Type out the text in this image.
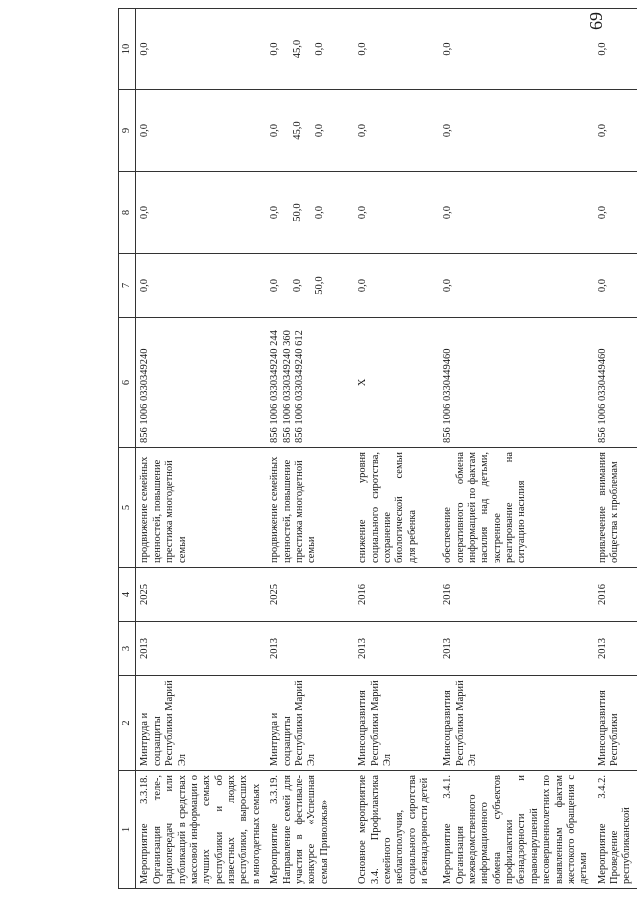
69
1	2	3	4	5	6	7	8	9	10
Мероприятие 3.3.18. Организация теле-, радиопередач или публикаций в средствах массовой информации о лучших семьях республики и об известных людях республики, выросших в многодетных семьях	Минтруда и соцзащиты Республики Марий Эл	2013	2025	продвижение семейных ценностей, повышение престижа многодетной семьи	856 1006 0330349240	0,0	0,0	0,0	0,0

Мероприятие 3.3.19. Направление семей для участия в фестивале-конкурсе «Успешная семья Приволжья»	Минтруда и соцзащиты Республики Марий Эл	2013	2025	продвижение семейных ценностей, повышение престижа многодетной семьи	856 1006 0330349240 244 856 1006 0330349240 360 856 1006 0330349240 612	0,0 0,0 50,0	0,0 50,0 0,0	0,0 45,0 0,0	0,0 45,0 0,0

Основное мероприятие 3.4. Профилактика семейного неблагополучия, социального сиротства и безнадзорности детей	Минсоцразвития Республики Марий Эл	2013	2016	снижение уровня социального сиротства, сохранение биологической семьи для ребенка	X	0,0	0,0	0,0	0,0

Мероприятие 3.4.1. Организация межведомственного информационного обмена субъектов профилактики безнадзорности и правонарушений несовершеннолетних по выявленным фактам жестокого обращения с детьми	Минсоцразвития Республики Марий Эл	2013	2016	обеспечение оперативного обмена информацией по фактам насилия над детьми, экстренное реагирование на ситуацию насилия	856 1006 0330449460	0,0	0,0	0,0	0,0

Мероприятие 3.4.2. Проведение республиканской	Минсоцразвития Республики	2013	2016	привлечение внимания общества к проблемам	856 1006 0330449460	0,0	0,0	0,0	0,0
